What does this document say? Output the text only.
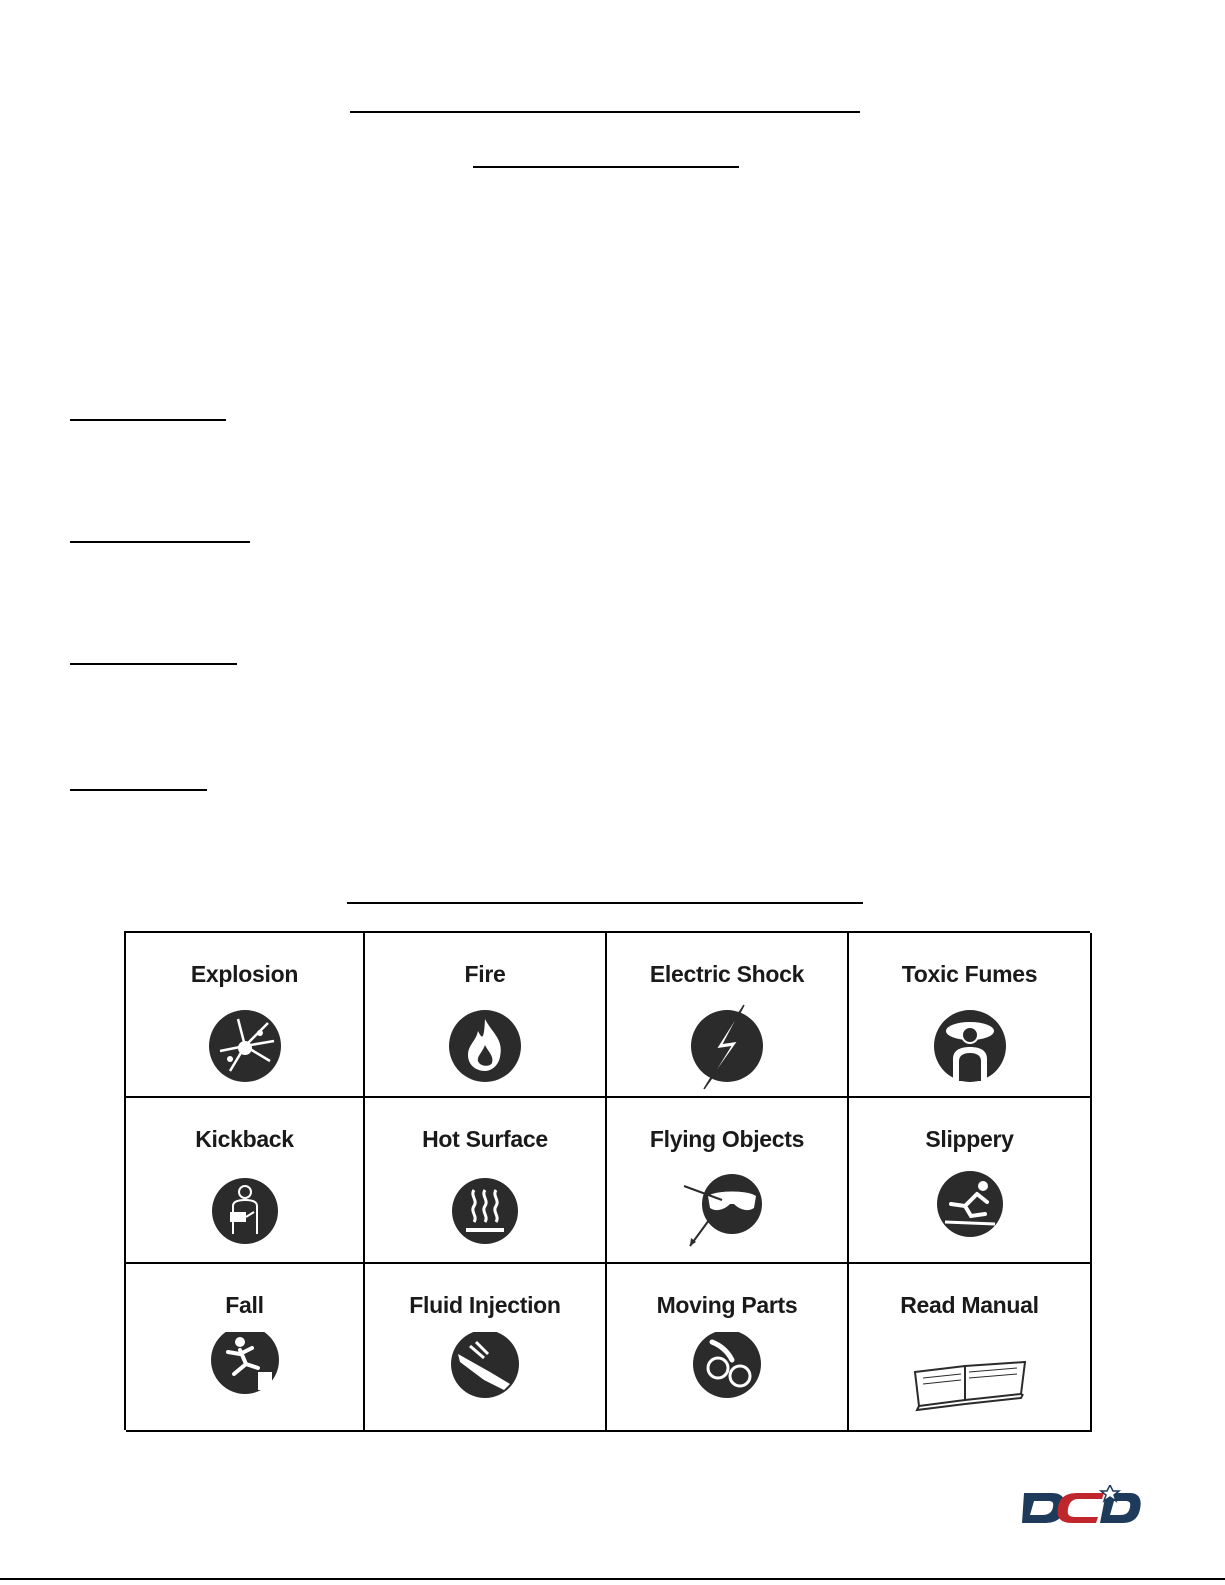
Explosion	Fire	Electric Shock	Toxic Fumes
Kickback	Hot Surface	Flying Objects	Slippery
Fall	Fluid Injection	Moving Parts	Read Manual
